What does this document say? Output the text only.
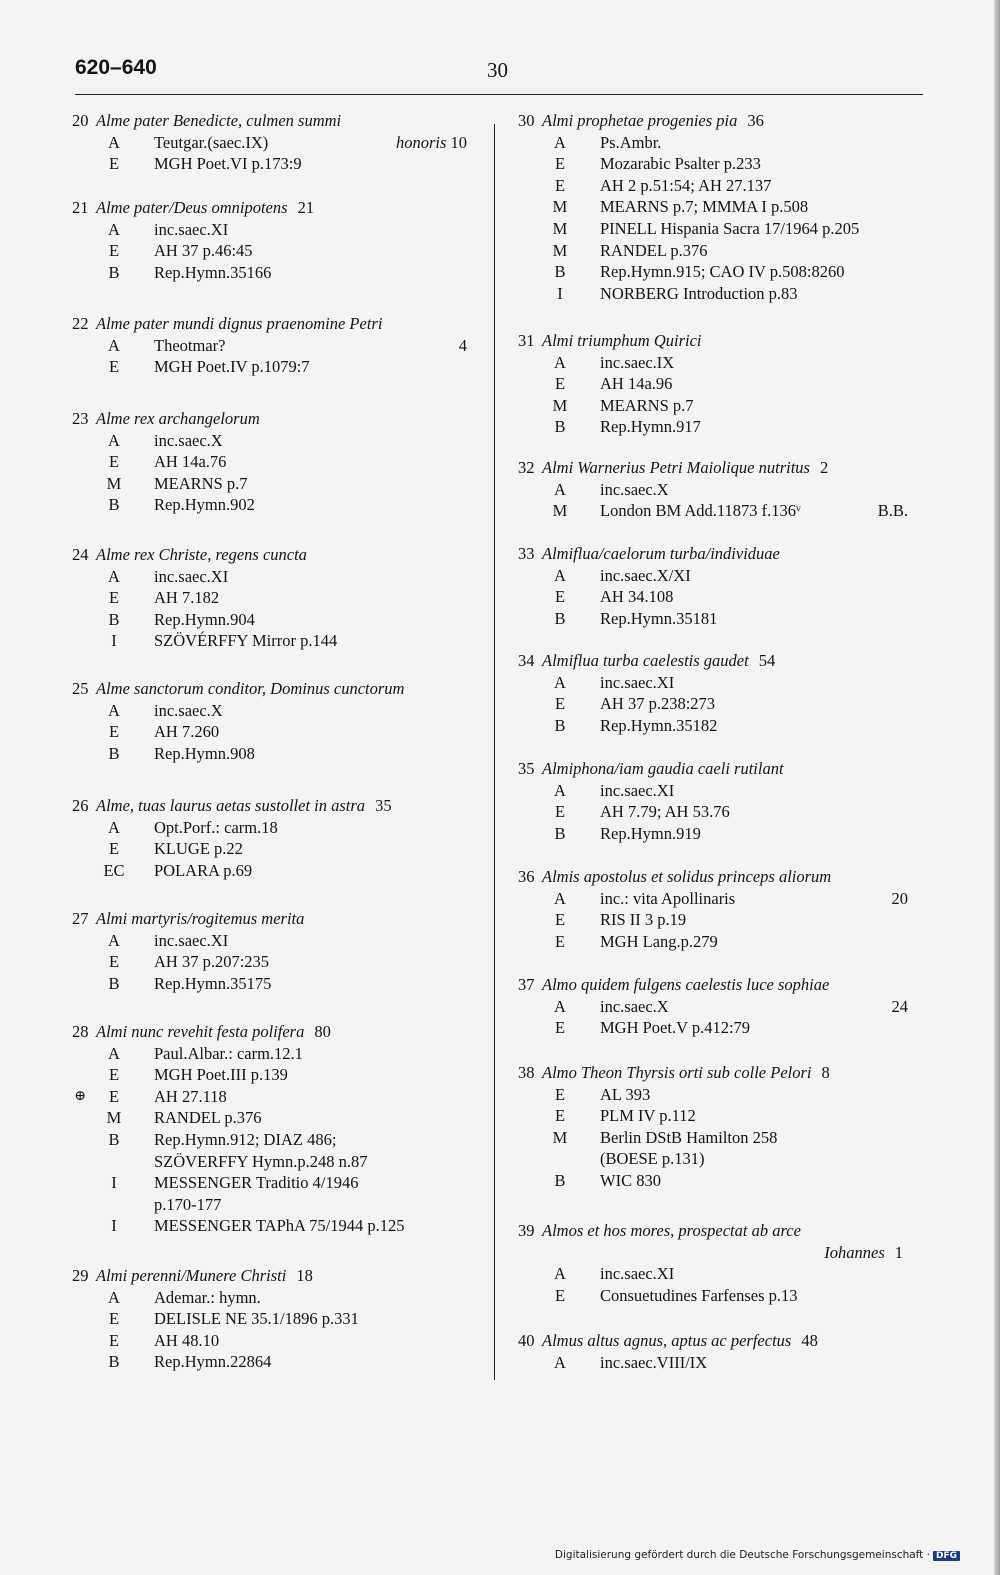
620–640	30
20 Alme pater Benedicte, culmen summi
A	Teutgar.(saec.IX)	honoris 10
E	MGH Poet.VI p.173:9
21 Alme pater/Deus omnipotens 21
A	inc.saec.XI
E	AH 37 p.46:45
B	Rep.Hymn.35166
22 Alme pater mundi dignus praenomine Petri
A	Theotmar?	4
E	MGH Poet.IV p.1079:7
23 Alme rex archangelorum
A	inc.saec.X
E	AH 14a.76
M	MEARNS p.7
B	Rep.Hymn.902
24 Alme rex Christe, regens cuncta
A	inc.saec.XI
E	AH 7.182
B	Rep.Hymn.904
I	SZÖVÉRFFY Mirror p.144
25 Alme sanctorum conditor, Dominus cunctorum
A	inc.saec.X
E	AH 7.260
B	Rep.Hymn.908
26 Alme, tuas laurus aetas sustollet in astra 35
A	Opt.Porf.: carm.18
E	KLUGE p.22
EC	POLARA p.69
27 Almi martyris/rogitemus merita
A	inc.saec.XI
E	AH 37 p.207:235
B	Rep.Hymn.35175
28 Almi nunc revehit festa polifera 80
A	Paul.Albar.: carm.12.1
E	MGH Poet.III p.139
⊕	E	AH 27.118
M	RANDEL p.376
B	Rep.Hymn.912; DIAZ 486;
SZÖVERFFY Hymn.p.248 n.87
I	MESSENGER Traditio 4/1946
p.170-177
I	MESSENGER TAPhA 75/1944 p.125
29 Almi perenni/Munere Christi 18
A	Ademar.: hymn.
E	DELISLE NE 35.1/1896 p.331
E	AH 48.10
B	Rep.Hymn.22864
30 Almi prophetae progenies pia 36
A	Ps.Ambr.
E	Mozarabic Psalter p.233
E	AH 2 p.51:54; AH 27.137
M	MEARNS p.7; MMMA I p.508
M	PINELL Hispania Sacra 17/1964 p.205
M	RANDEL p.376
B	Rep.Hymn.915; CAO IV p.508:8260
I	NORBERG Introduction p.83
31 Almi triumphum Quirici
A	inc.saec.IX
E	AH 14a.96
M	MEARNS p.7
B	Rep.Hymn.917
32 Almi Warnerius Petri Maiolique nutritus 2
A	inc.saec.X
M	London BM Add.11873 f.136ᵛ	B.B.
33 Almiflua/caelorum turba/individuae
A	inc.saec.X/XI
E	AH 34.108
B	Rep.Hymn.35181
34 Almiflua turba caelestis gaudet 54
A	inc.saec.XI
E	AH 37 p.238:273
B	Rep.Hymn.35182
35 Almiphona/iam gaudia caeli rutilant
A	inc.saec.XI
E	AH 7.79; AH 53.76
B	Rep.Hymn.919
36 Almis apostolus et solidus princeps aliorum
A	inc.: vita Apollinaris	20
E	RIS II 3 p.19
E	MGH Lang.p.279
37 Almo quidem fulgens caelestis luce sophiae
A	inc.saec.X	24
E	MGH Poet.V p.412:79
38 Almo Theon Thyrsis orti sub colle Pelori 8
E	AL 393
E	PLM IV p.112
M	Berlin DStB Hamilton 258
(BOESE p.131)
B	WIC 830
39 Almos et hos mores, prospectat ab arce
Iohannes 1
A	inc.saec.XI
E	Consuetudines Farfenses p.13
40 Almus altus agnus, aptus ac perfectus 48
A	inc.saec.VIII/IX
Digitalisierung gefördert durch die Deutsche Forschungsgemeinschaft · DFG
